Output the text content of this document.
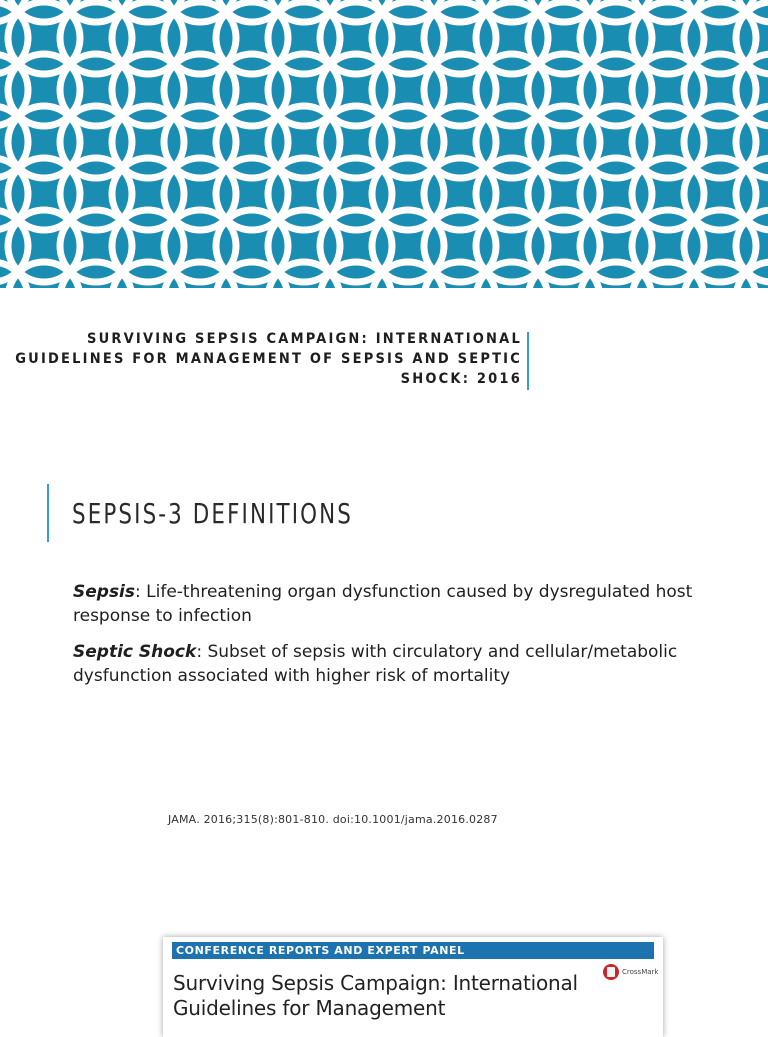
SURVIVING SEPSIS CAMPAIGN: INTERNATIONAL
GUIDELINES FOR MANAGEMENT OF SEPSIS AND SEPTIC
SHOCK: 2016
SEPSIS-3 DEFINITIONS

Sepsis: Life-threatening organ dysfunction caused by dysregulated host response to infection

Septic Shock: Subset of sepsis with circulatory and cellular/metabolic dysfunction associated with higher risk of mortality

JAMA. 2016;315(8):801-810. doi:10.1001/jama.2016.0287
CONFERENCE REPORTS AND EXPERT PANEL
CrossMark
Surviving Sepsis Campaign: International Guidelines for Management
